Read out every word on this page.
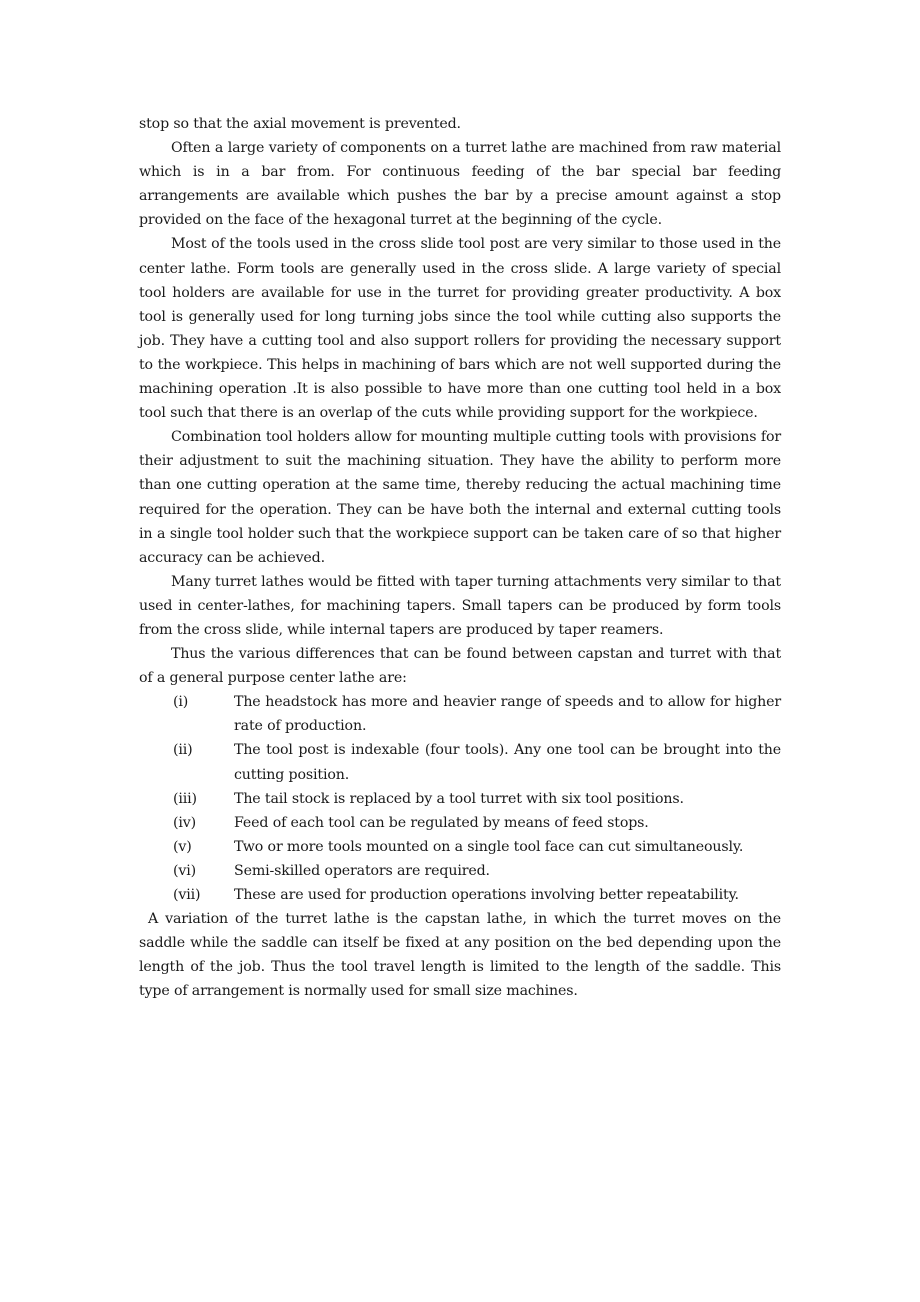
stop so that the axial movement is prevented.

Often a large variety of components on a turret lathe are machined from raw material which is in a bar from. For continuous feeding of the bar special bar feeding arrangements are available which pushes the bar by a precise amount against a stop provided on the face of the hexagonal turret at the beginning of the cycle.

Most of the tools used in the cross slide tool post are very similar to those used in the center lathe. Form tools are generally used in the cross slide. A large variety of special tool holders are available for use in the turret for providing greater productivity. A box tool is generally used for long turning jobs since the tool while cutting also supports the job. They have a cutting tool and also support rollers for providing the necessary support to the workpiece. This helps in machining of bars which are not well supported during the machining operation .It is also possible to have more than one cutting tool held in a box tool such that there is an overlap of the cuts while providing support for the workpiece.

Combination tool holders allow for mounting multiple cutting tools with provisions for their adjustment to suit the machining situation. They have the ability to perform more than one cutting operation at the same time, thereby reducing the actual machining time required for the operation. They can be have both the internal and external cutting tools in a single tool holder such that the workpiece support can be taken care of so that higher accuracy can be achieved.

Many turret lathes would be fitted with taper turning attachments very similar to that used in center-lathes, for machining tapers. Small tapers can be produced by form tools from the cross slide, while internal tapers are produced by taper reamers.

Thus the various differences that can be found between capstan and turret with that of a general purpose center lathe are:

(i)	The headstock has more and heavier range of speeds and to allow for higher rate of production.
(ii)	The tool post is indexable (four tools). Any one tool can be brought into the cutting position.
(iii)	The tail stock is replaced by a tool turret with six tool positions.
(iv)	Feed of each tool can be regulated by means of feed stops.
(v)	Two or more tools mounted on a single tool face can cut simultaneously.
(vi)	Semi-skilled operators are required.
(vii)	These are used for production operations involving better repeatability.

A variation of the turret lathe is the capstan lathe, in which the turret moves on the saddle while the saddle can itself be fixed at any position on the bed depending upon the length of the job. Thus the tool travel length is limited to the length of the saddle. This type of arrangement is normally used for small size machines.
